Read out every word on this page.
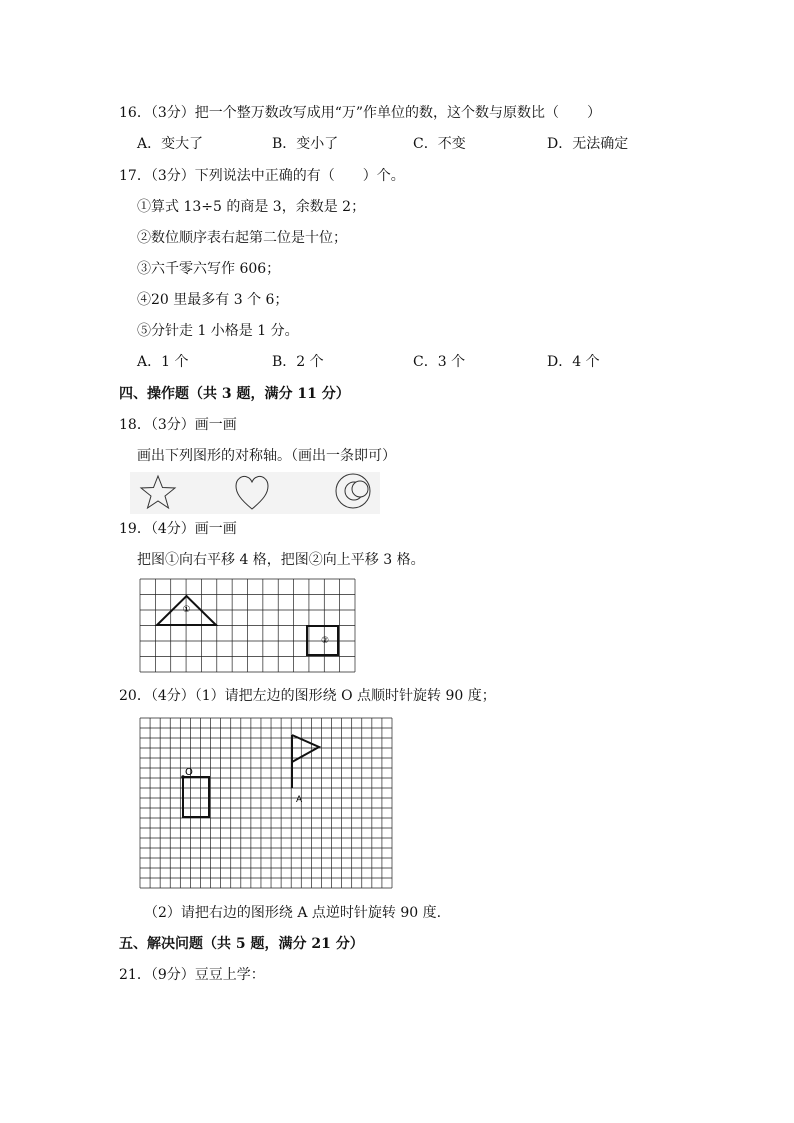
16．（3分）把一个整万数改写成用“万”作单位的数，这个数与原数比（　　）
A．变大了	B．变小了	C．不变	D．无法确定
17．（3分）下列说法中正确的有（　　）个。
①算式 13÷5 的商是 3，余数是 2；
②数位顺序表右起第二位是十位；
③六千零六写作 606；
④20 里最多有 3 个 6；
⑤分针走 1 小格是 1 分。
A．1 个	B．2 个	C．3 个	D．4 个
四、操作题（共 3 题，满分 11 分）
18．（3分）画一画
画出下列图形的对称轴。（画出一条即可）
19．（4分）画一画
把图①向右平移 4 格，把图②向上平移 3 格。
①
②
20．（4分）（1）请把左边的图形绕 O 点顺时针旋转 90 度；
O
A
（2）请把右边的图形绕 A 点逆时针旋转 90 度.
五、解决问题（共 5 题，满分 21 分）
21．（9分）豆豆上学：
